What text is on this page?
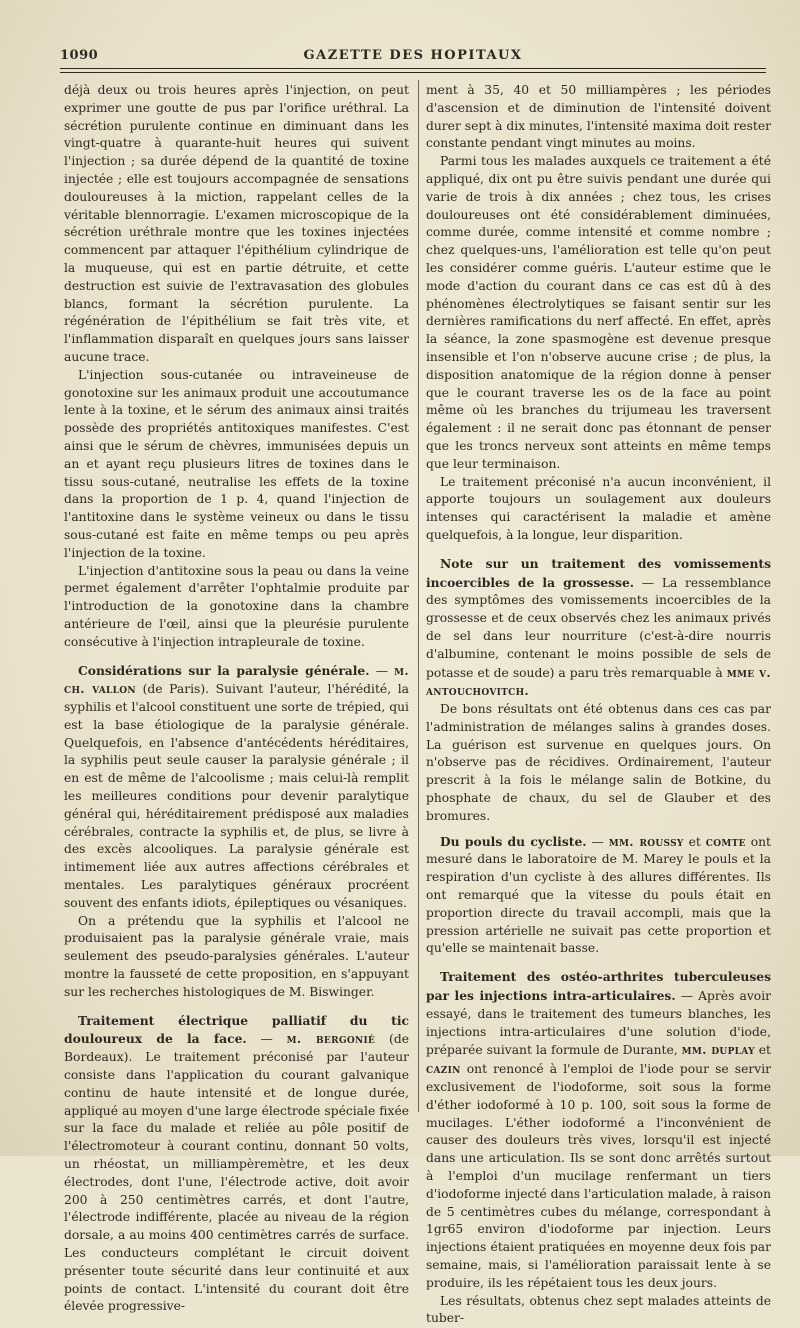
1090	GAZETTE DES HOPITAUX

déjà deux ou trois heures après l'injection, on peut exprimer une goutte de pus par l'orifice uréthral. La sécrétion purulente continue en diminuant dans les vingt-quatre à quarante-huit heures qui suivent l'injection ; sa durée dépend de la quantité de toxine injectée ; elle est toujours accompagnée de sensations douloureuses à la miction, rappelant celles de la véritable blennorragie. L'examen microscopique de la sécrétion uréthrale montre que les toxines injectées commencent par attaquer l'épithélium cylindrique de la muqueuse, qui est en partie détruite, et cette destruction est suivie de l'extravasation des globules blancs, formant la sécrétion purulente. La régénération de l'épithélium se fait très vite, et l'inflammation disparaît en quelques jours sans laisser aucune trace.

L'injection sous-cutanée ou intraveineuse de gonotoxine sur les animaux produit une accoutumance lente à la toxine, et le sérum des animaux ainsi traités possède des propriétés antitoxiques manifestes. C'est ainsi que le sérum de chèvres, immunisées depuis un an et ayant reçu plusieurs litres de toxines dans le tissu sous-cutané, neutralise les effets de la toxine dans la proportion de 1 p. 4, quand l'injection de l'antitoxine dans le système veineux ou dans le tissu sous-cutané est faite en même temps ou peu après l'injection de la toxine.

L'injection d'antitoxine sous la peau ou dans la veine permet également d'arrêter l'ophtalmie produite par l'introduction de la gonotoxine dans la chambre antérieure de l'œil, ainsi que la pleurésie purulente consécutive à l'injection intrapleurale de toxine.

Considérations sur la paralysie générale. — m. ch. vallon (de Paris). Suivant l'auteur, l'hérédité, la syphilis et l'alcool constituent une sorte de trépied, qui est la base étiologique de la paralysie générale. Quelquefois, en l'absence d'antécédents héréditaires, la syphilis peut seule causer la paralysie générale ; il en est de même de l'alcoolisme ; mais celui-là remplit les meilleures conditions pour devenir paralytique général qui, héréditairement prédisposé aux maladies cérébrales, contracte la syphilis et, de plus, se livre à des excès alcooliques. La paralysie générale est intimement liée aux autres affections cérébrales et mentales. Les paralytiques généraux procréent souvent des enfants idiots, épileptiques ou vésaniques.

On a prétendu que la syphilis et l'alcool ne produisaient pas la paralysie générale vraie, mais seulement des pseudo-paralysies générales. L'auteur montre la fausseté de cette proposition, en s'appuyant sur les recherches histologiques de M. Biswinger.

Traitement électrique palliatif du tic douloureux de la face. — m. bergonié (de Bordeaux). Le traitement préconisé par l'auteur consiste dans l'application du courant galvanique continu de haute intensité et de longue durée, appliqué au moyen d'une large électrode spéciale fixée sur la face du malade et reliée au pôle positif de l'électromoteur à courant continu, donnant 50 volts, un rhéostat, un milliampèremètre, et les deux électrodes, dont l'une, l'électrode active, doit avoir 200 à 250 centimètres carrés, et dont l'autre, l'électrode indifférente, placée au niveau de la région dorsale, a au moins 400 centimètres carrés de surface. Les conducteurs complétant le circuit doivent présenter toute sécurité dans leur continuité et aux points de contact. L'intensité du courant doit être élevée progressive-

ment à 35, 40 et 50 milliampères ; les périodes d'ascension et de diminution de l'intensité doivent durer sept à dix minutes, l'intensité maxima doit rester constante pendant vingt minutes au moins.

Parmi tous les malades auxquels ce traitement a été appliqué, dix ont pu être suivis pendant une durée qui varie de trois à dix années ; chez tous, les crises douloureuses ont été considérablement diminuées, comme durée, comme intensité et comme nombre ; chez quelques-uns, l'amélioration est telle qu'on peut les considérer comme guéris. L'auteur estime que le mode d'action du courant dans ce cas est dû à des phénomènes électrolytiques se faisant sentir sur les dernières ramifications du nerf affecté. En effet, après la séance, la zone spasmogène est devenue presque insensible et l'on n'observe aucune crise ; de plus, la disposition anatomique de la région donne à penser que le courant traverse les os de la face au point même où les branches du trijumeau les traversent également : il ne serait donc pas étonnant de penser que les troncs nerveux sont atteints en même temps que leur terminaison.

Le traitement préconisé n'a aucun inconvénient, il apporte toujours un soulagement aux douleurs intenses qui caractérisent la maladie et amène quelquefois, à la longue, leur disparition.

Note sur un traitement des vomissements incoercibles de la grossesse. — La ressemblance des symptômes des vomissements incoercibles de la grossesse et de ceux observés chez les animaux privés de sel dans leur nourriture (c'est-à-dire nourris d'albumine, contenant le moins possible de sels de potasse et de soude) a paru très remarquable à mme v. antouchovitch.

De bons résultats ont été obtenus dans ces cas par l'administration de mélanges salins à grandes doses. La guérison est survenue en quelques jours. On n'observe pas de récidives. Ordinairement, l'auteur prescrit à la fois le mélange salin de Botkine, du phosphate de chaux, du sel de Glauber et des bromures.

Du pouls du cycliste. — mm. roussy et comte ont mesuré dans le laboratoire de M. Marey le pouls et la respiration d'un cycliste à des allures différentes. Ils ont remarqué que la vitesse du pouls était en proportion directe du travail accompli, mais que la pression artérielle ne suivait pas cette proportion et qu'elle se maintenait basse.

Traitement des ostéo-arthrites tuberculeuses par les injections intra-articulaires. — Après avoir essayé, dans le traitement des tumeurs blanches, les injections intra-articulaires d'une solution d'iode, préparée suivant la formule de Durante, mm. duplay et cazin ont renoncé à l'emploi de l'iode pour se servir exclusivement de l'iodoforme, soit sous la forme d'éther iodoformé à 10 p. 100, soit sous la forme de mucilages. L'éther iodoformé a l'inconvénient de causer des douleurs très vives, lorsqu'il est injecté dans une articulation. Ils se sont donc arrêtés surtout à l'emploi d'un mucilage renfermant un tiers d'iodoforme injecté dans l'articulation malade, à raison de 5 centimètres cubes du mélange, correspondant à 1gr65 environ d'iodoforme par injection. Leurs injections étaient pratiquées en moyenne deux fois par semaine, mais, si l'amélioration paraissait lente à se produire, ils les répétaient tous les deux jours.

Les résultats, obtenus chez sept malades atteints de tuber-
